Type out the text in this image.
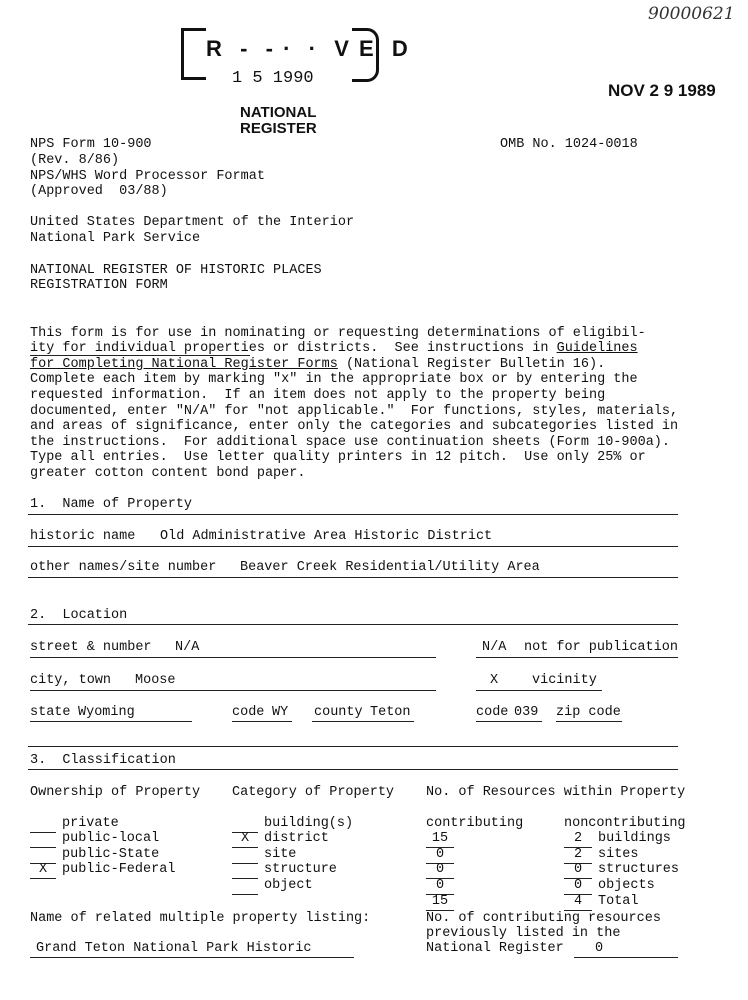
90000621
R  -  - ·  ·  V E  D
1 5 1990
NATIONAL
REGISTER
NOV 2 9 1989
NPS Form 10-900
(Rev. 8/86)
NPS/WHS Word Processor Format
(Approved  03/88)
OMB No. 1024-0018
United States Department of the Interior
National Park Service
NATIONAL REGISTER OF HISTORIC PLACES
REGISTRATION FORM

This form is for use in nominating or requesting determinations of eligibil-
ity for individual properties or districts.  See instructions in Guidelines
for Completing National Register Forms (National Register Bulletin 16).
Complete each item by marking "x" in the appropriate box or by entering the
requested information.  If an item does not apply to the property being
documented, enter "N/A" for "not applicable."  For functions, styles, materials,
and areas of significance, enter only the categories and subcategories listed in
the instructions.  For additional space use continuation sheets (Form 10-900a).
Type all entries.  Use letter quality printers in 12 pitch.  Use only 25% or
greater cotton content bond paper.

1.  Name of Property
historic name Old Administrative Area Historic District
other names/site number Beaver Creek Residential/Utility Area
2.  Location
street & number N/A	N/A not for publication
city, town Moose	X	vicinity
state Wyoming	code WY county Teton	code 039 zip code
3.  Classification
Ownership of Property Category of Property No. of Resources within Property
private
public-local
public-State
X	public-Federal
building(s)
X	district
site
structure
object
contributing	noncontributing
15	2	buildings
0	2	sites
0	0	structures
0	0	objects
15	4	Total
Name of related multiple property listing:
Grand Teton National Park Historic
No. of contributing resources
previously listed in the
National Register	0
